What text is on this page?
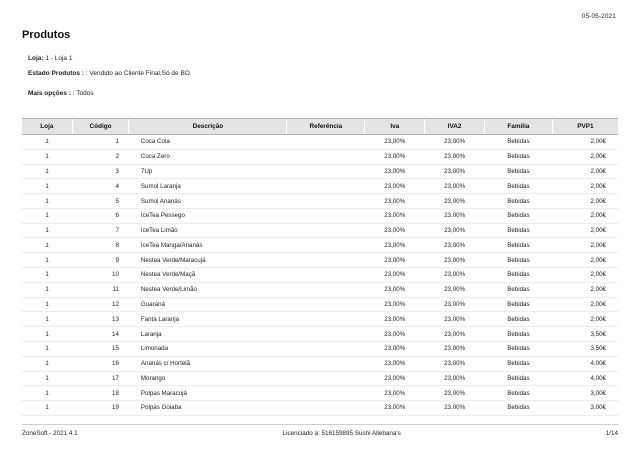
05-05-2021
Produtos
Loja: 1 - Loja 1
Estado Produtos : : Vendido ao Cliente Final,Só de BO.
Mais opções : : Todos
Loja	Código	Descrição	Referência	Iva	IVA2	Família	PVP1
1	1	Coca Cola		23,00%	23,00%	Bebidas	2,00€
1	2	Coca Zero		23,00%	23,00%	Bebidas	2,00€
1	3	7Up		23,00%	23,00%	Bebidas	2,00€
1	4	Sumol Laranja		23,00%	23,00%	Bebidas	2,00€
1	5	Sumol Ananás		23,00%	23,00%	Bebidas	2,00€
1	6	IceTea Pessego		23,00%	23,00%	Bebidas	2,00€
1	7	IceTea Limão		23,00%	23,00%	Bebidas	2,00€
1	8	IceTea Manga/Ananás		23,00%	23,00%	Bebidas	2,00€
1	9	Nestea Verde/Maracujá		23,00%	23,00%	Bebidas	2,00€
1	10	Nestea Verde/Maçã		23,00%	23,00%	Bebidas	2,00€
1	11	Nestea Verde/Limão		23,00%	23,00%	Bebidas	2,00€
1	12	Guaraná		23,00%	23,00%	Bebidas	2,00€
1	13	Fanta Laranja		23,00%	23,00%	Bebidas	2,00€
1	14	Laranja		23,00%	23,00%	Bebidas	3,50€
1	15	Limonada		23,00%	23,00%	Bebidas	3,50€
1	16	Ananás c/ Hortelã		23,00%	23,00%	Bebidas	4,00€
1	17	Morango		23,00%	23,00%	Bebidas	4,00€
1	18	Polpas Maracujá		23,00%	23,00%	Bebidas	3,00€
1	19	Polpas Goiaba		23,00%	23,00%	Bebidas	3,00€
ZoneSoft - 2021.4.1	Licenciado a: 516159895 Sushi Allebana's	1/14
